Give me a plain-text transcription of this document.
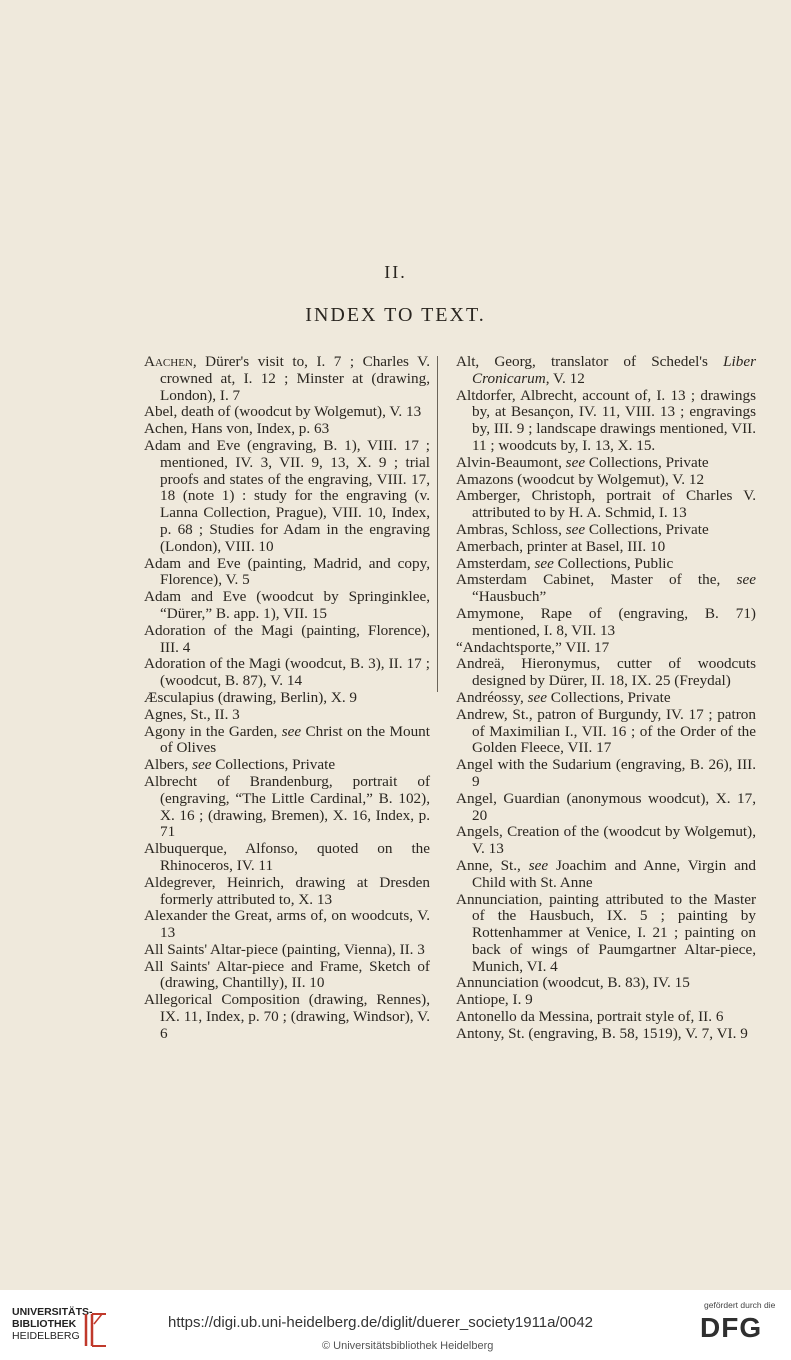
II.
INDEX TO TEXT.

Aachen, Dürer's visit to, I. 7 ; Charles V. crowned at, I. 12 ; Minster at (drawing, London), I. 7

Abel, death of (woodcut by Wolgemut), V. 13

Achen, Hans von, Index, p. 63

Adam and Eve (engraving, B. 1), VIII. 17 ; mentioned, IV. 3, VII. 9, 13, X. 9 ; trial proofs and states of the engraving, VIII. 17, 18 (note 1) : study for the engraving (v. Lanna Collection, Prague), VIII. 10, Index, p. 68 ; Studies for Adam in the engraving (London), VIII. 10

Adam and Eve (painting, Madrid, and copy, Florence), V. 5

Adam and Eve (woodcut by Springinklee, “Dürer,” B. app. 1), VII. 15

Adoration of the Magi (painting, Florence), III. 4

Adoration of the Magi (woodcut, B. 3), II. 17 ; (woodcut, B. 87), V. 14

Æsculapius (drawing, Berlin), X. 9

Agnes, St., II. 3

Agony in the Garden, see Christ on the Mount of Olives

Albers, see Collections, Private

Albrecht of Brandenburg, portrait of (engraving, “The Little Cardinal,” B. 102), X. 16 ; (drawing, Bremen), X. 16, Index, p. 71

Albuquerque, Alfonso, quoted on the Rhinoceros, IV. 11

Aldegrever, Heinrich, drawing at Dresden formerly attributed to, X. 13

Alexander the Great, arms of, on woodcuts, V. 13

All Saints' Altar-piece (painting, Vienna), II. 3

All Saints' Altar-piece and Frame, Sketch of (drawing, Chantilly), II. 10

Allegorical Composition (drawing, Rennes), IX. 11, Index, p. 70 ; (drawing, Windsor), V. 6

Alt, Georg, translator of Schedel's Liber Cronicarum, V. 12

Altdorfer, Albrecht, account of, I. 13 ; drawings by, at Besançon, IV. 11, VIII. 13 ; engravings by, III. 9 ; landscape drawings mentioned, VII. 11 ; woodcuts by, I. 13, X. 15.

Alvin-Beaumont, see Collections, Private

Amazons (woodcut by Wolgemut), V. 12

Amberger, Christoph, portrait of Charles V. attributed to by H. A. Schmid, I. 13

Ambras, Schloss, see Collections, Private

Amerbach, printer at Basel, III. 10

Amsterdam, see Collections, Public

Amsterdam Cabinet, Master of the, see “Hausbuch”

Amymone, Rape of (engraving, B. 71) mentioned, I. 8, VII. 13

“Andachtsporte,” VII. 17

Andreä, Hieronymus, cutter of woodcuts designed by Dürer, II. 18, IX. 25 (Freydal)

Andréossy, see Collections, Private

Andrew, St., patron of Burgundy, IV. 17 ; patron of Maximilian I., VII. 16 ; of the Order of the Golden Fleece, VII. 17

Angel with the Sudarium (engraving, B. 26), III. 9

Angel, Guardian (anonymous woodcut), X. 17, 20

Angels, Creation of the (woodcut by Wolgemut), V. 13

Anne, St., see Joachim and Anne, Virgin and Child with St. Anne

Annunciation, painting attributed to the Master of the Hausbuch, IX. 5 ; painting by Rottenhammer at Venice, I. 21 ; painting on back of wings of Paumgartner Altar-piece, Munich, VI. 4

Annunciation (woodcut, B. 83), IV. 15

Antiope, I. 9

Antonello da Messina, portrait style of, II. 6

Antony, St. (engraving, B. 58, 1519), V. 7, VI. 9

UNIVERSITÄTS-
BIBLIOTHEK
HEIDELBERG
https://digi.ub.uni-heidelberg.de/diglit/duerer_society1911a/0042
© Universitätsbibliothek Heidelberg
gefördert durch die
DFG
